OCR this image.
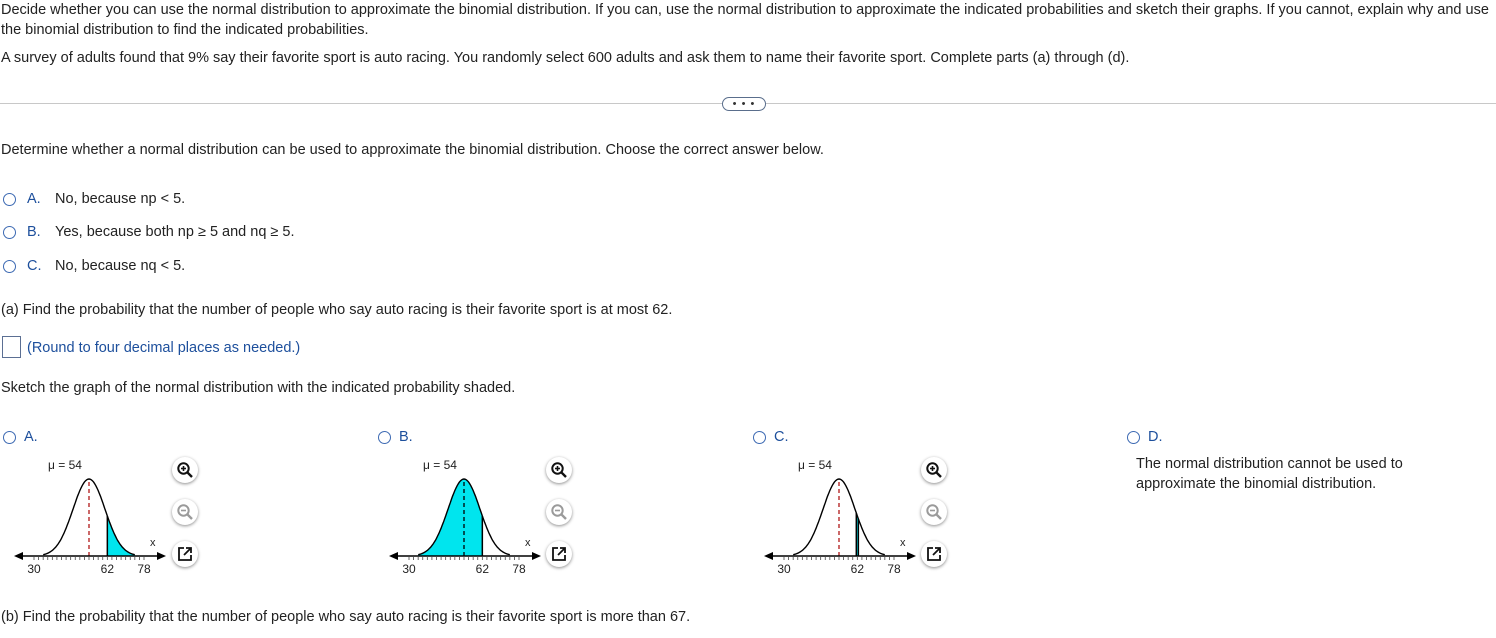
Decide whether you can use the normal distribution to approximate the binomial distribution. If you can, use the normal distribution to approximate the indicated probabilities and sketch their graphs. If you cannot, explain why and use the binomial distribution to find the indicated probabilities.
A survey of adults found that 9% say their favorite sport is auto racing. You randomly select 600 adults and ask them to name their favorite sport. Complete parts (a) through (d).
• • •
Determine whether a normal distribution can be used to approximate the binomial distribution. Choose the correct answer below.
A. No, because np < 5.
B. Yes, because both np ≥ 5 and nq ≥ 5.
C. No, because nq < 5.
(a) Find the probability that the number of people who say auto racing is their favorite sport is at most 62.
(Round to four decimal places as needed.)
Sketch the graph of the normal distribution with the indicated probability shaded.
A.
μ = 54
x
30	62 78
B.
μ = 54
x
30	62 78
C.
μ = 54
x
30	62 78
D.
The normal distribution cannot be used to approximate the binomial distribution.
(b) Find the probability that the number of people who say auto racing is their favorite sport is more than 67.
